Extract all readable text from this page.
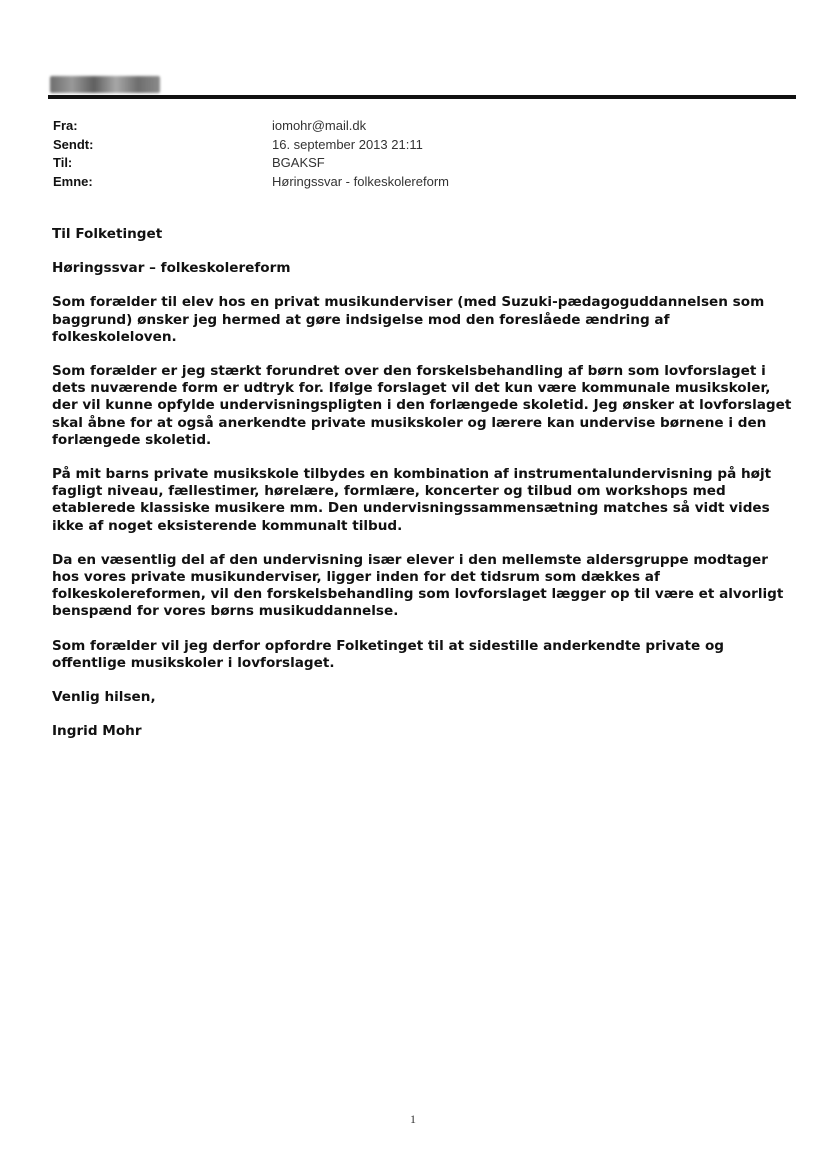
Fra:	iomohr@mail.dk
Sendt:	16. september 2013 21:11
Til:	BGAKSF
Emne:	Høringssvar - folkeskolereform

Til Folketinget

Høringssvar – folkeskolereform

Som forælder til elev hos en privat musikunderviser (med Suzuki-pædagoguddannelsen som baggrund) ønsker jeg hermed at gøre indsigelse mod den foreslåede ændring af folkeskoleloven.

Som forælder er jeg stærkt forundret over den forskelsbehandling af børn som lovforslaget i dets nuværende form er udtryk for. Ifølge forslaget vil det kun være kommunale musikskoler, der vil kunne opfylde undervisningspligten i den forlængede skoletid. Jeg ønsker at lovforslaget skal åbne for at også anerkendte private musikskoler og lærere kan undervise børnene i den forlængede skoletid.

På mit barns private musikskole tilbydes en kombination af instrumentalundervisning på højt fagligt niveau, fællestimer, hørelære, formlære, koncerter og tilbud om workshops med etablerede klassiske musikere mm. Den undervisningssammensætning matches så vidt vides ikke af noget eksisterende kommunalt tilbud.

Da en væsentlig del af den undervisning især elever i den mellemste aldersgruppe modtager hos vores private musikunderviser, ligger inden for det tidsrum som dækkes af folkeskolereformen, vil den forskelsbehandling som lovforslaget lægger op til være et alvorligt benspænd for vores børns musikuddannelse.

Som forælder vil jeg derfor opfordre Folketinget til at sidestille anderkendte private og offentlige musikskoler i lovforslaget.

Venlig hilsen,

Ingrid Mohr

1
